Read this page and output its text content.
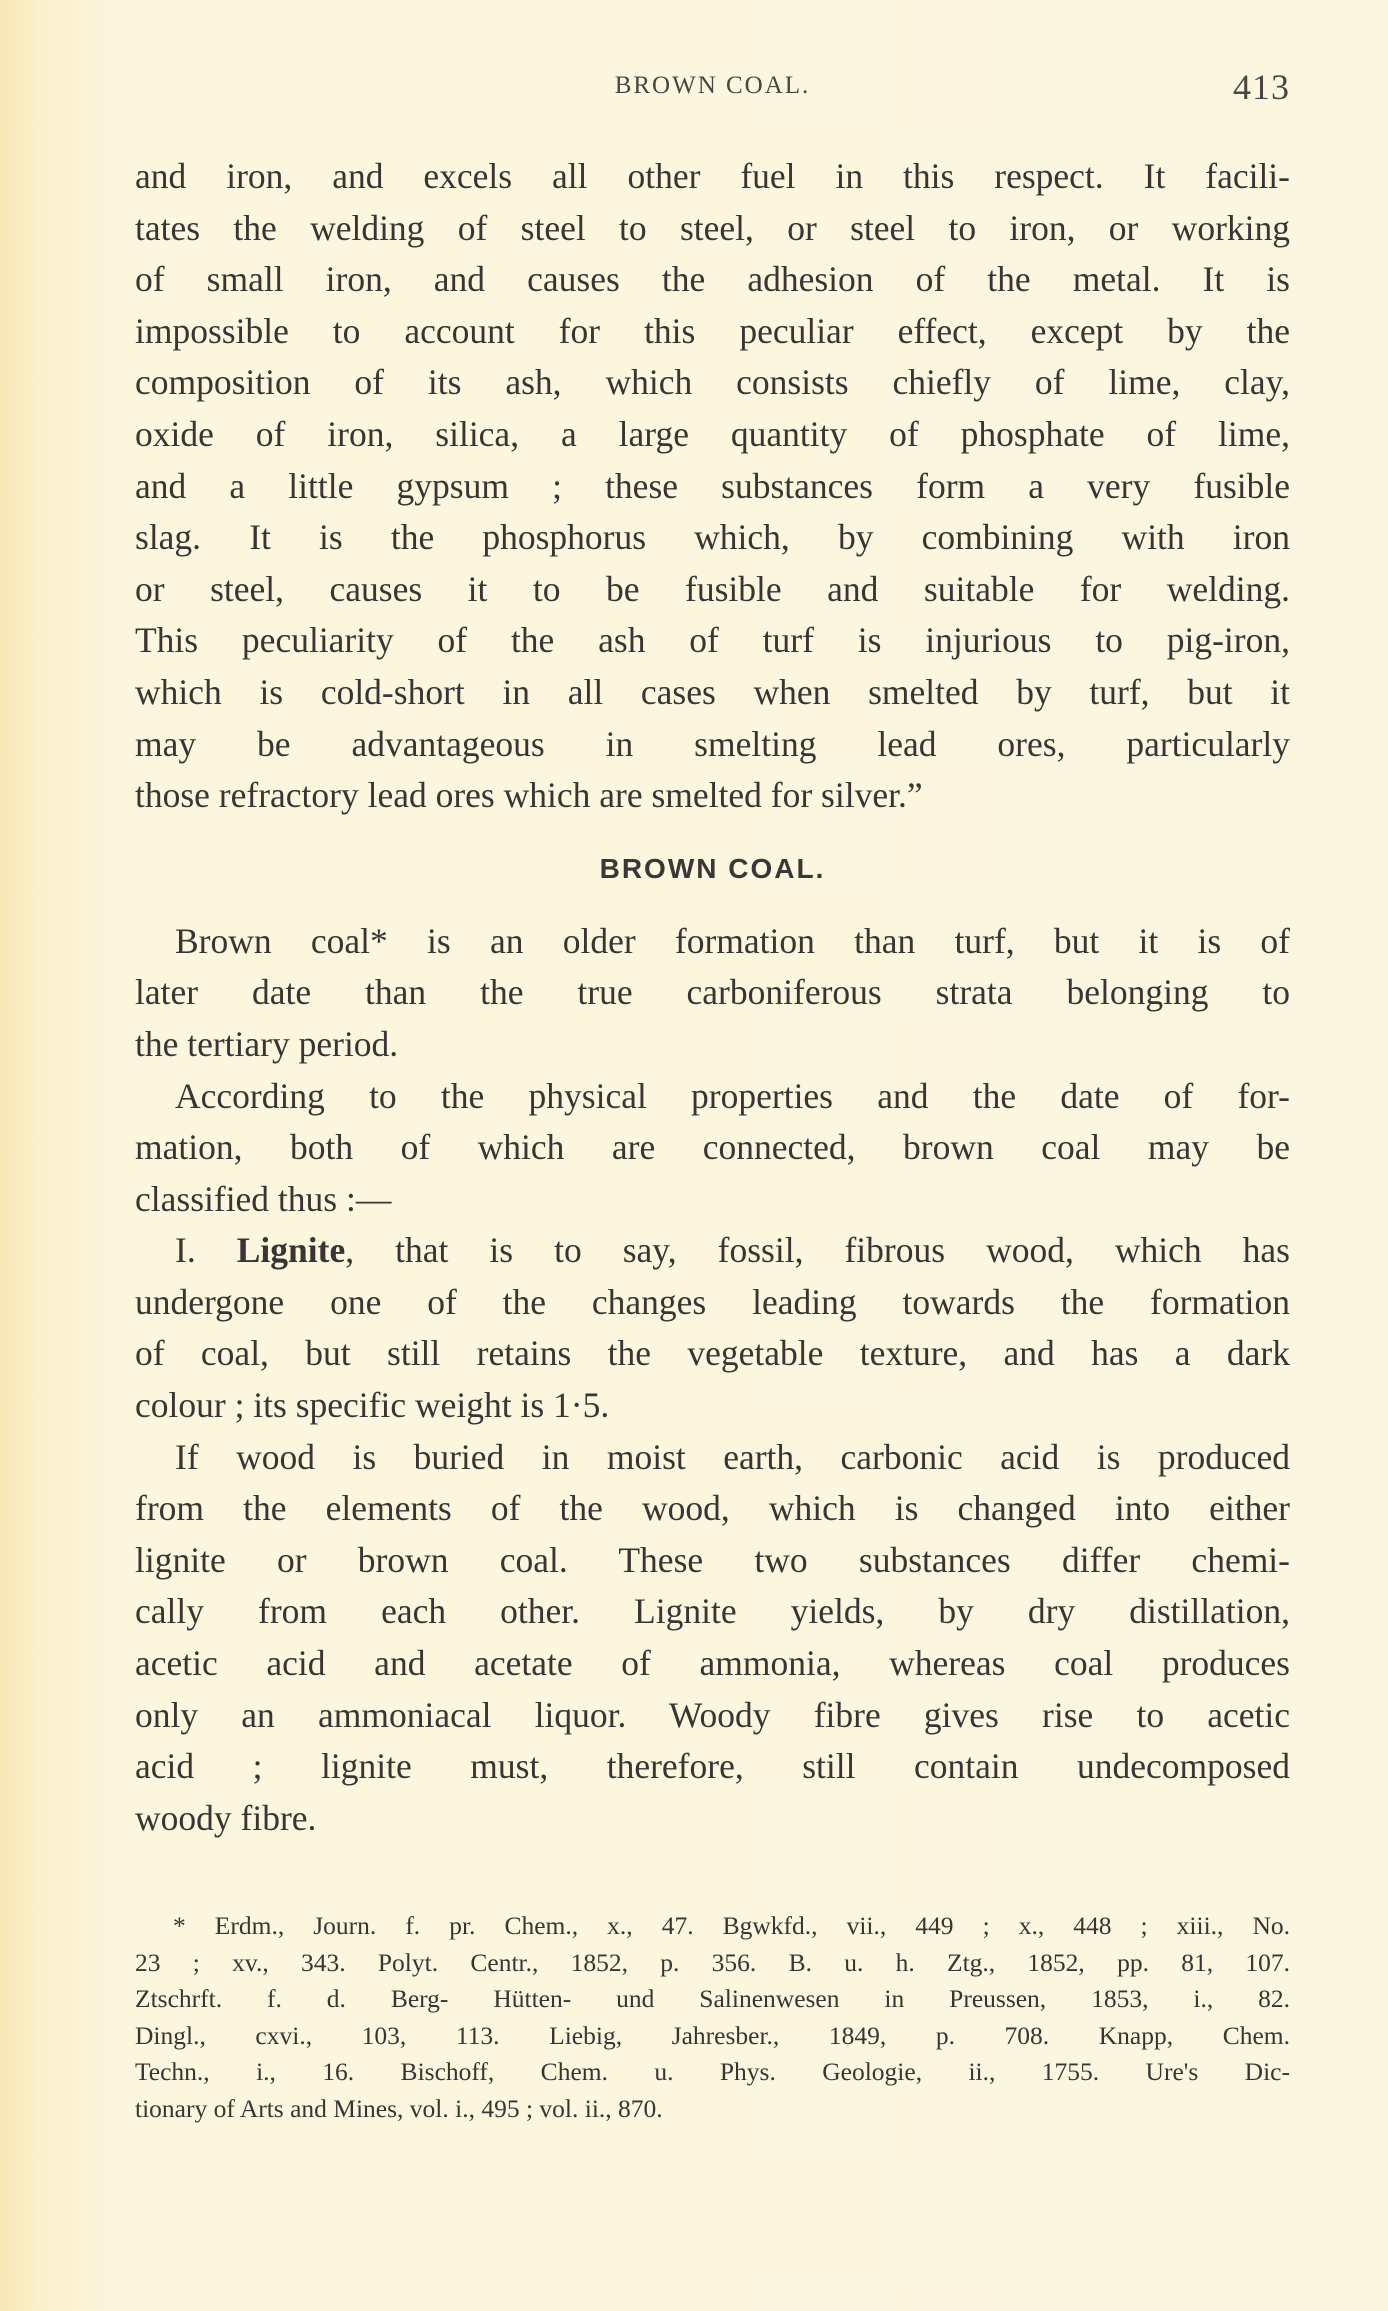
BROWN COAL.	413
and iron, and excels all other fuel in this respect. It facili-
tates the welding of steel to steel, or steel to iron, or working
of small iron, and causes the adhesion of the metal. It is
impossible to account for this peculiar effect, except by the
composition of its ash, which consists chiefly of lime, clay,
oxide of iron, silica, a large quantity of phosphate of lime,
and a little gypsum ; these substances form a very fusible
slag. It is the phosphorus which, by combining with iron
or steel, causes it to be fusible and suitable for welding.
This peculiarity of the ash of turf is injurious to pig-iron,
which is cold-short in all cases when smelted by turf, but it
may be advantageous in smelting lead ores, particularly
those refractory lead ores which are smelted for silver.”
BROWN COAL.
Brown coal* is an older formation than turf, but it is of
later date than the true carboniferous strata belonging to
the tertiary period.
According to the physical properties and the date of for-
mation, both of which are connected, brown coal may be
classified thus :—
I. Lignite, that is to say, fossil, fibrous wood, which has
undergone one of the changes leading towards the formation
of coal, but still retains the vegetable texture, and has a dark
colour ; its specific weight is 1·5.
If wood is buried in moist earth, carbonic acid is produced
from the elements of the wood, which is changed into either
lignite or brown coal. These two substances differ chemi-
cally from each other. Lignite yields, by dry distillation,
acetic acid and acetate of ammonia, whereas coal produces
only an ammoniacal liquor. Woody fibre gives rise to acetic
acid ; lignite must, therefore, still contain undecomposed
woody fibre.
* Erdm., Journ. f. pr. Chem., x., 47. Bgwkfd., vii., 449 ; x., 448 ; xiii., No.
23 ; xv., 343. Polyt. Centr., 1852, p. 356. B. u. h. Ztg., 1852, pp. 81, 107.
Ztschrft. f. d. Berg- Hütten- und Salinenwesen in Preussen, 1853, i., 82.
Dingl., cxvi., 103, 113. Liebig, Jahresber., 1849, p. 708. Knapp, Chem.
Techn., i., 16. Bischoff, Chem. u. Phys. Geologie, ii., 1755. Ure's Dic-
tionary of Arts and Mines, vol. i., 495 ; vol. ii., 870.
